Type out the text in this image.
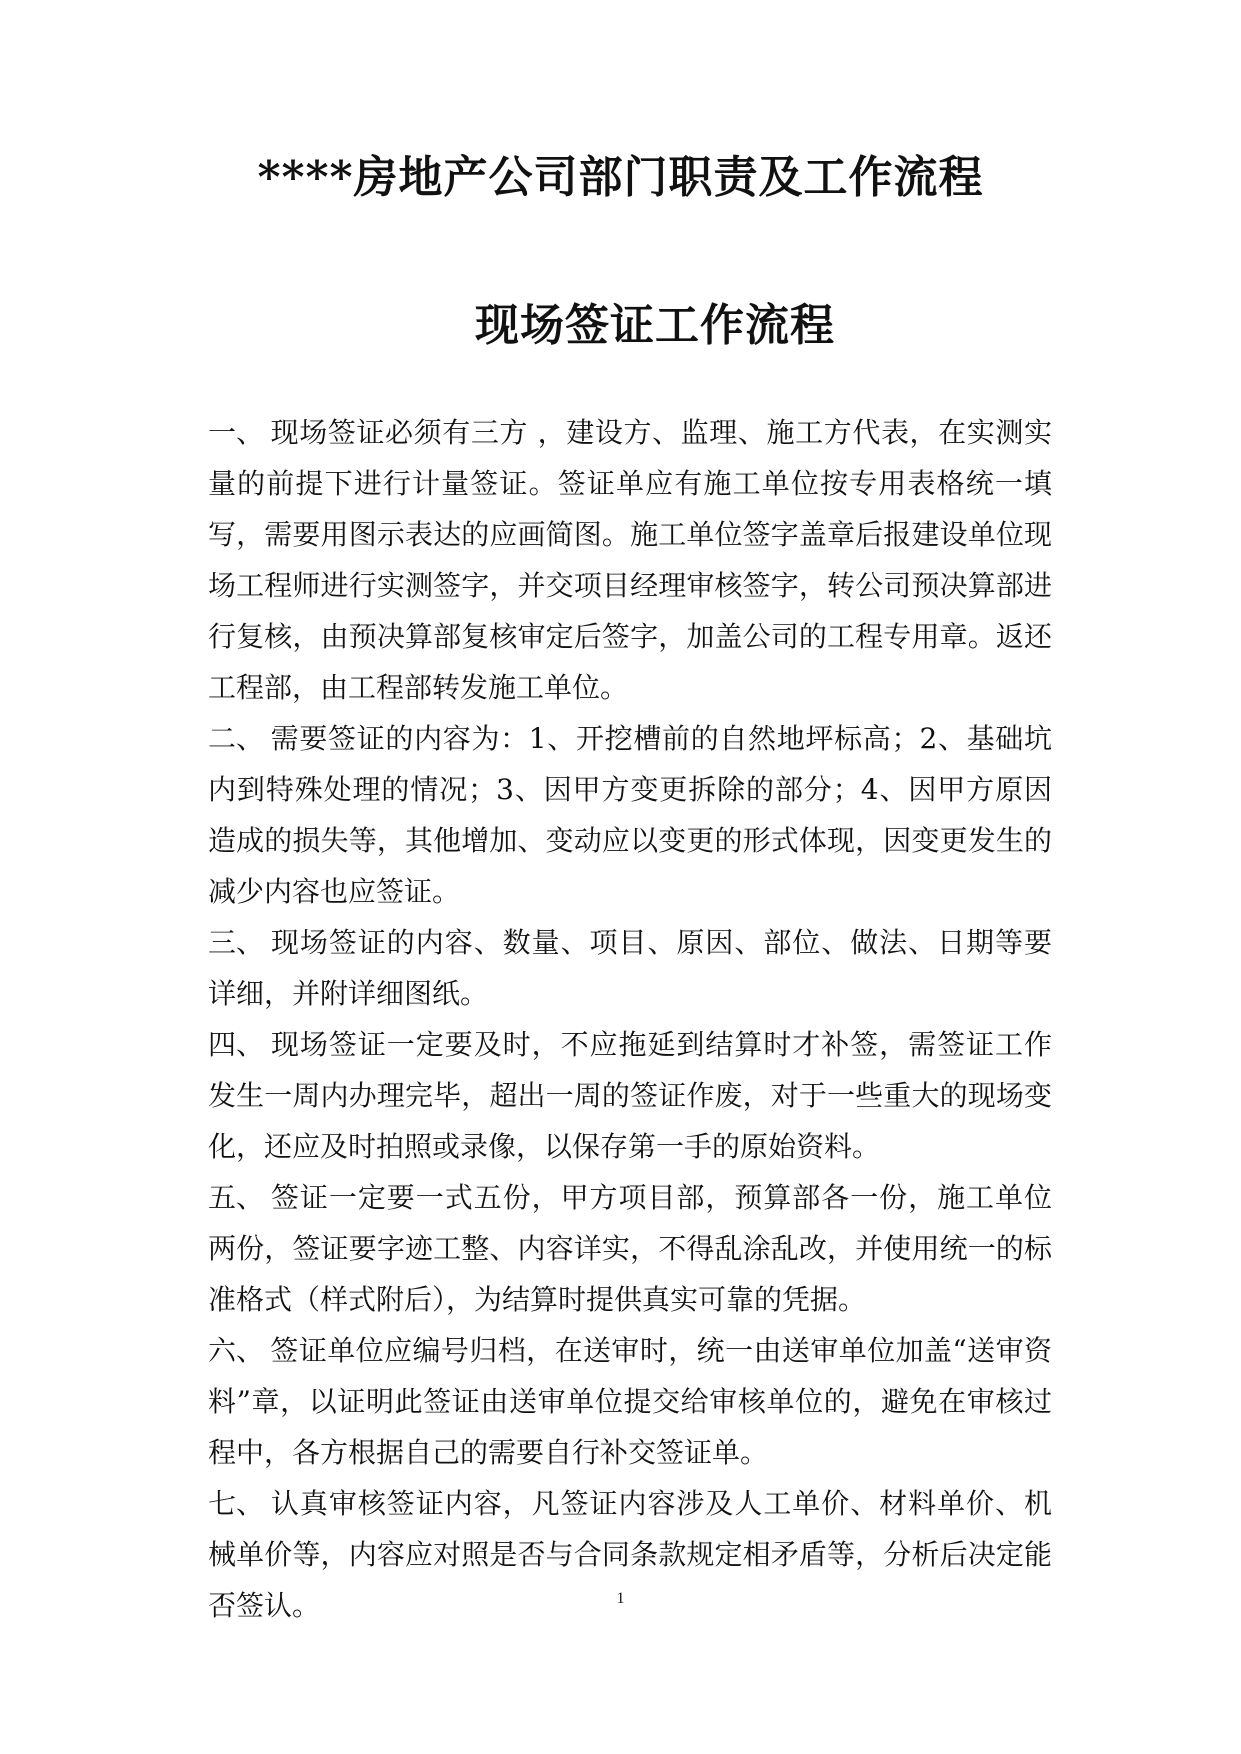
****房地产公司部门职责及工作流程
现场签证工作流程

一、 现场签证必须有三方 ，建设方、监理、施工方代表，在实测实量的前提下进行计量签证。签证单应有施工单位按专用表格统一填写，需要用图示表达的应画简图。施工单位签字盖章后报建设单位现场工程师进行实测签字，并交项目经理审核签字，转公司预决算部进行复核，由预决算部复核审定后签字，加盖公司的工程专用章。返还工程部，由工程部转发施工单位。

二、 需要签证的内容为：1、开挖槽前的自然地坪标高；2、基础坑内到特殊处理的情况；3、因甲方变更拆除的部分；4、因甲方原因造成的损失等，其他增加、变动应以变更的形式体现，因变更发生的减少内容也应签证。

三、 现场签证的内容、数量、项目、原因、部位、做法、日期等要详细，并附详细图纸。

四、 现场签证一定要及时，不应拖延到结算时才补签，需签证工作发生一周内办理完毕，超出一周的签证作废，对于一些重大的现场变化，还应及时拍照或录像，以保存第一手的原始资料。

五、 签证一定要一式五份，甲方项目部，预算部各一份，施工单位两份，签证要字迹工整、内容详实，不得乱涂乱改，并使用统一的标准格式（样式附后），为结算时提供真实可靠的凭据。

六、 签证单位应编号归档，在送审时，统一由送审单位加盖“送审资料”章，以证明此签证由送审单位提交给审核单位的，避免在审核过程中，各方根据自己的需要自行补交签证单。

七、 认真审核签证内容，凡签证内容涉及人工单价、材料单价、机械单价等，内容应对照是否与合同条款规定相矛盾等，分析后决定能否签认。	1
